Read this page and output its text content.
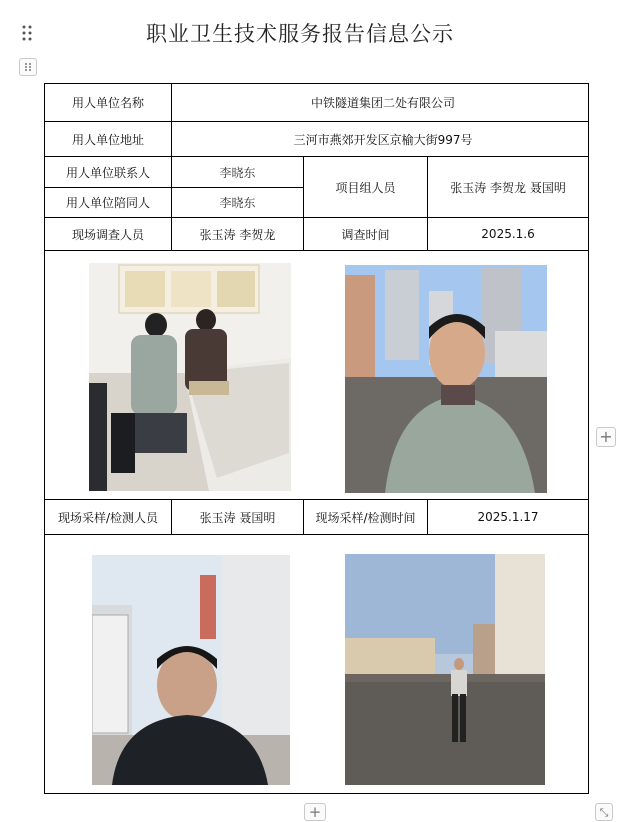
职业卫生技术服务报告信息公示
用人单位名称	中铁隧道集团二处有限公司		
用人单位地址	三河市燕郊开发区京榆大街997号		
用人单位联系人	李晓东	项目组人员	张玉涛 李贺龙 聂国明
用人单位陪同人	李晓东		
现场调查人员	张玉涛 李贺龙	调查时间	2025.1.6

现场采样/检测人员	张玉涛 聂国明	现场采样/检测时间	2025.1.17

+
+	⤡
